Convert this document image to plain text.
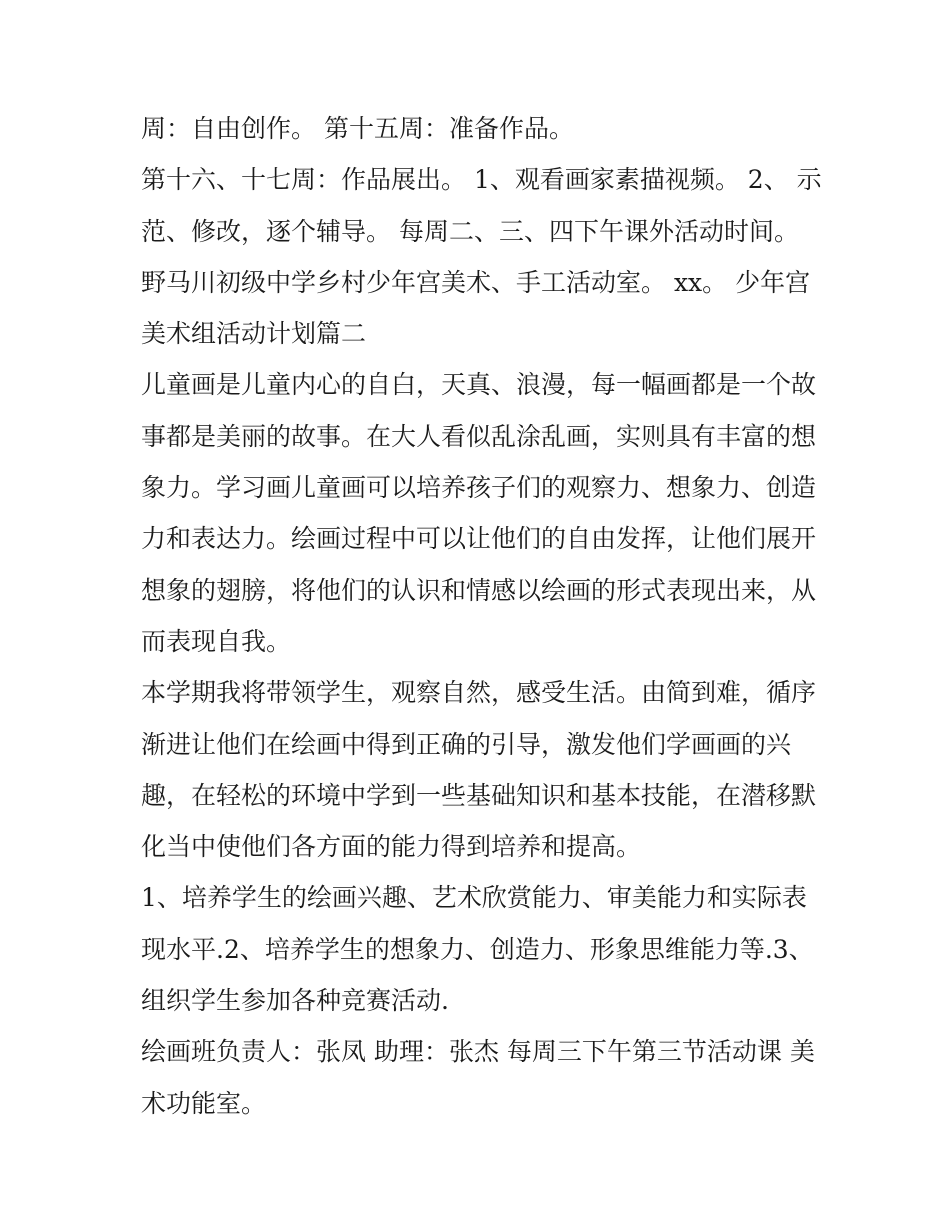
周：自由创作。 第十五周：准备作品。
第十六、十七周：作品展出。 1、观看画家素描视频。 2、 示
范、修改，逐个辅导。 每周二、三、四下午课外活动时间。
野马川初级中学乡村少年宫美术、手工活动室。 xx。 少年宫
美术组活动计划篇二
儿童画是儿童内心的自白，天真、浪漫，每一幅画都是一个故
事都是美丽的故事。在大人看似乱涂乱画，实则具有丰富的想
象力。学习画儿童画可以培养孩子们的观察力、想象力、创造
力和表达力。绘画过程中可以让他们的自由发挥，让他们展开
想象的翅膀，将他们的认识和情感以绘画的形式表现出来，从
而表现自我。
本学期我将带领学生，观察自然，感受生活。由简到难，循序
渐进让他们在绘画中得到正确的引导，激发他们学画画的兴
趣，在轻松的环境中学到一些基础知识和基本技能，在潜移默
化当中使他们各方面的能力得到培养和提高。
1、培养学生的绘画兴趣、艺术欣赏能力、审美能力和实际表
现水平.2、培养学生的想象力、创造力、形象思维能力等.3、
组织学生参加各种竞赛活动.
绘画班负责人：张凤 助理：张杰 每周三下午第三节活动课 美
术功能室。
